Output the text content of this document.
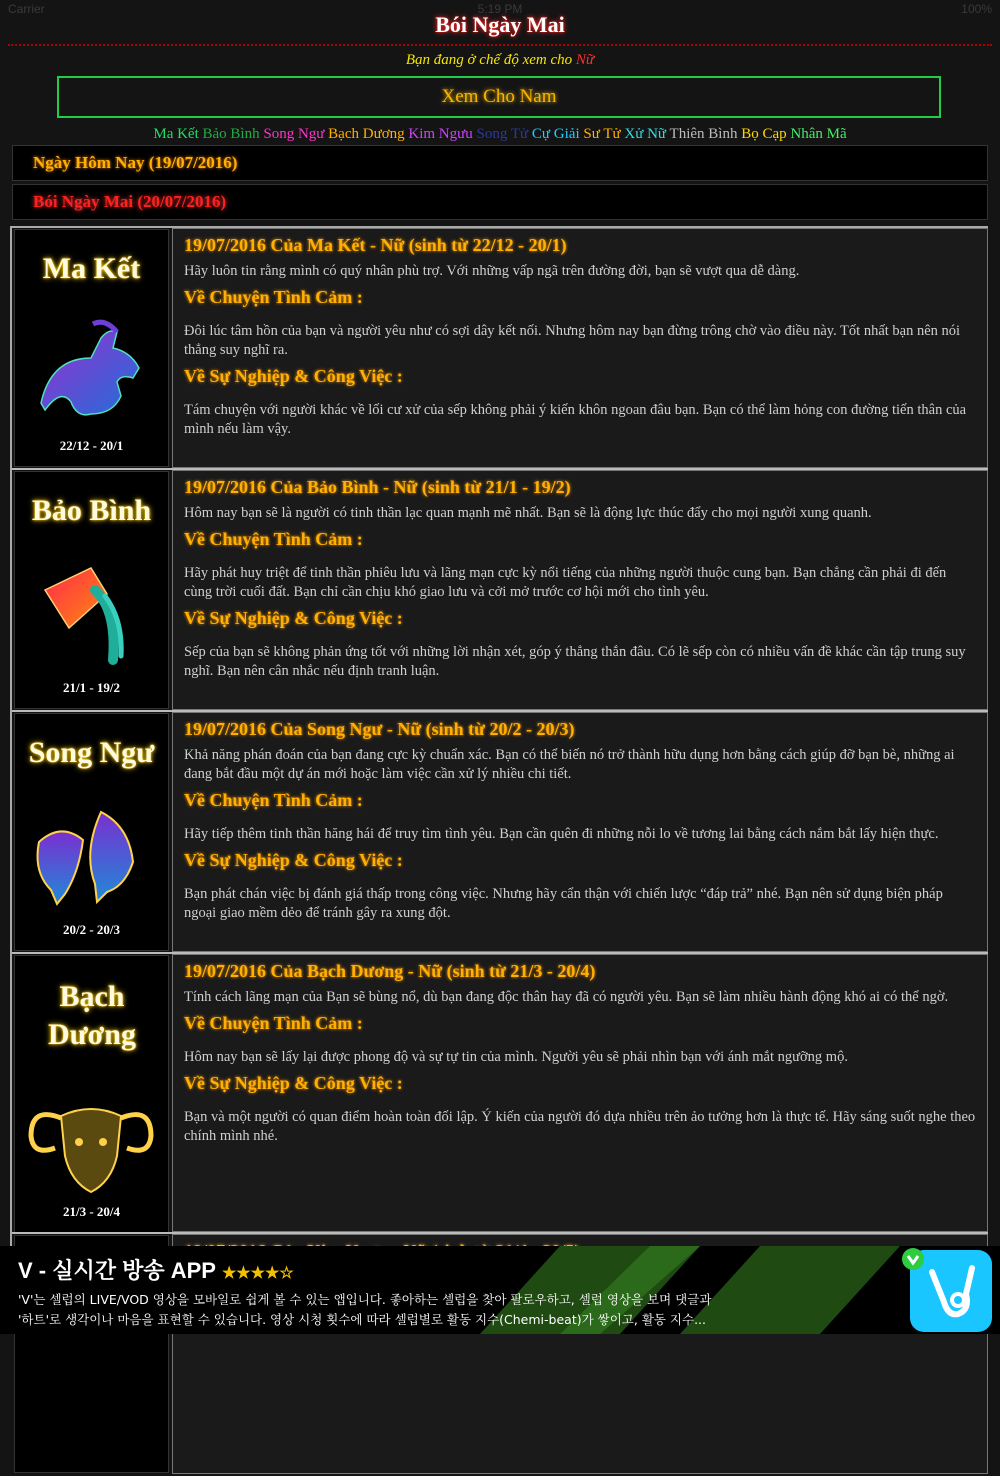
Carrier	5:19 PM	100%
Bói Ngày Mai
Bạn đang ở chế độ xem cho Nữ
Xem Cho Nam
Ma Kết Bảo Bình Song Ngư Bạch Dương Kim Ngưu Song Tử Cự Giải Sư Tử Xử Nữ Thiên Bình Bọ Cạp Nhân Mã
Ngày Hôm Nay (19/07/2016)
Bói Ngày Mai (20/07/2016)
Ma Kết
22/12 - 20/1
19/07/2016 Của Ma Kết - Nữ (sinh từ 22/12 - 20/1)
Hãy luôn tin rằng mình có quý nhân phù trợ. Với những vấp ngã trên đường đời, bạn sẽ vượt qua dễ dàng.
Về Chuyện Tình Cảm :
Đôi lúc tâm hồn của bạn và người yêu như có sợi dây kết nối. Nhưng hôm nay bạn đừng trông chờ vào điều này. Tốt nhất bạn nên nói thẳng suy nghĩ ra.
Về Sự Nghiệp & Công Việc :
Tám chuyện với người khác về lối cư xử của sếp không phải ý kiến khôn ngoan đâu bạn. Bạn có thể làm hỏng con đường tiến thân của mình nếu làm vậy.
Bảo Bình
21/1 - 19/2
19/07/2016 Của Bảo Bình - Nữ (sinh từ 21/1 - 19/2)
Hôm nay bạn sẽ là người có tinh thần lạc quan mạnh mẽ nhất. Bạn sẽ là động lực thúc đẩy cho mọi người xung quanh.
Về Chuyện Tình Cảm :
Hãy phát huy triệt để tinh thần phiêu lưu và lãng mạn cực kỳ nổi tiếng của những người thuộc cung bạn. Bạn chẳng cần phải đi đến cùng trời cuối đất. Bạn chỉ cần chịu khó giao lưu và cởi mở trước cơ hội mới cho tình yêu.
Về Sự Nghiệp & Công Việc :
Sếp của bạn sẽ không phản ứng tốt với những lời nhận xét, góp ý thẳng thắn đâu. Có lẽ sếp còn có nhiều vấn đề khác cần tập trung suy nghĩ. Bạn nên cân nhắc nếu định tranh luận.
Song Ngư
20/2 - 20/3
19/07/2016 Của Song Ngư - Nữ (sinh từ 20/2 - 20/3)
Khả năng phán đoán của bạn đang cực kỳ chuẩn xác. Bạn có thể biến nó trở thành hữu dụng hơn bằng cách giúp đỡ bạn bè, những ai đang bắt đầu một dự án mới hoặc làm việc cần xử lý nhiều chi tiết.
Về Chuyện Tình Cảm :
Hãy tiếp thêm tinh thần hăng hái để truy tìm tình yêu. Bạn cần quên đi những nỗi lo về tương lai bằng cách nắm bắt lấy hiện thực.
Về Sự Nghiệp & Công Việc :
Bạn phát chán việc bị đánh giá thấp trong công việc. Nhưng hãy cẩn thận với chiến lược “đáp trả” nhé. Bạn nên sử dụng biện pháp ngoại giao mềm dẻo để tránh gây ra xung đột.
Bạch Dương
21/3 - 20/4
19/07/2016 Của Bạch Dương - Nữ (sinh từ 21/3 - 20/4)
Tính cách lãng mạn của Bạn sẽ bùng nổ, dù bạn đang độc thân hay đã có người yêu. Bạn sẽ làm nhiều hành động khó ai có thể ngờ.
Về Chuyện Tình Cảm :
Hôm nay bạn sẽ lấy lại được phong độ và sự tự tin của mình. Người yêu sẽ phải nhìn bạn với ánh mắt ngưỡng mộ.
Về Sự Nghiệp & Công Việc :
Bạn và một người có quan điểm hoàn toàn đối lập. Ý kiến của người đó dựa nhiều trên ảo tưởng hơn là thực tế. Hãy sáng suốt nghe theo chính mình nhé.
V - 실시간 방송 APP ★★★★☆
'V'는 셀럽의 LIVE/VOD 영상을 모바일로 쉽게 볼 수 있는 앱입니다. 좋아하는 셀럽을 찾아 팔로우하고, 셀럽 영상을 보며 댓글과
'하트'로 생각이나 마음을 표현할 수 있습니다. 영상 시청 횟수에 따라 셀럽별로 활동 지수(Chemi-beat)가 쌓이고, 활동 지수...
